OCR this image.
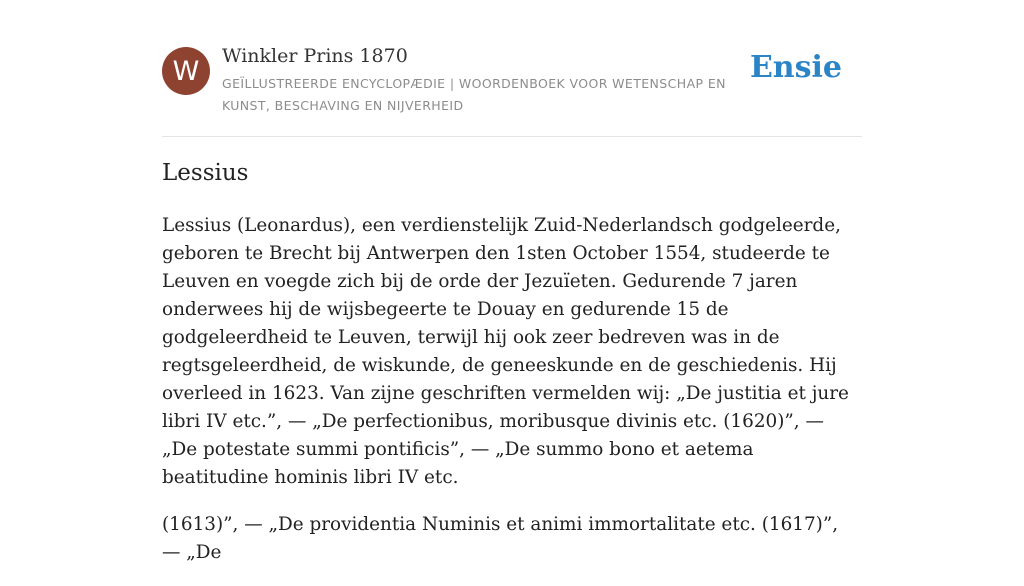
W Winkler Prins 1870
GEÏLLUSTREERDE ENCYCLOPÆDIE | WOORDENBOEK VOOR WETENSCHAP EN KUNST, BESCHAVING EN NIJVERHEID
Ensie
Lessius

Lessius (Leonardus), een verdienstelijk Zuid-Nederlandsch godgeleerde, geboren te Brecht bij Antwerpen den 1sten October 1554, studeerde te Leuven en voegde zich bij de orde der Jezuïeten. Gedurende 7 jaren onderwees hij de wijsbegeerte te Douay en gedurende 15 de godgeleerdheid te Leuven, terwijl hij ook zeer bedreven was in de regtsgeleerdheid, de wiskunde, de geneeskunde en de geschiedenis. Hij overleed in 1623. Van zijne geschriften vermelden wij: „De justitia et jure libri IV etc.”, — „De perfectionibus, moribusque divinis etc. (1620)”, — „De potestate summi pontificis”, — „De summo bono et aetema beatitudine hominis libri IV etc.

(1613)”, — „De providentia Numinis et animi immortalitate etc. (1617)”, — „De
